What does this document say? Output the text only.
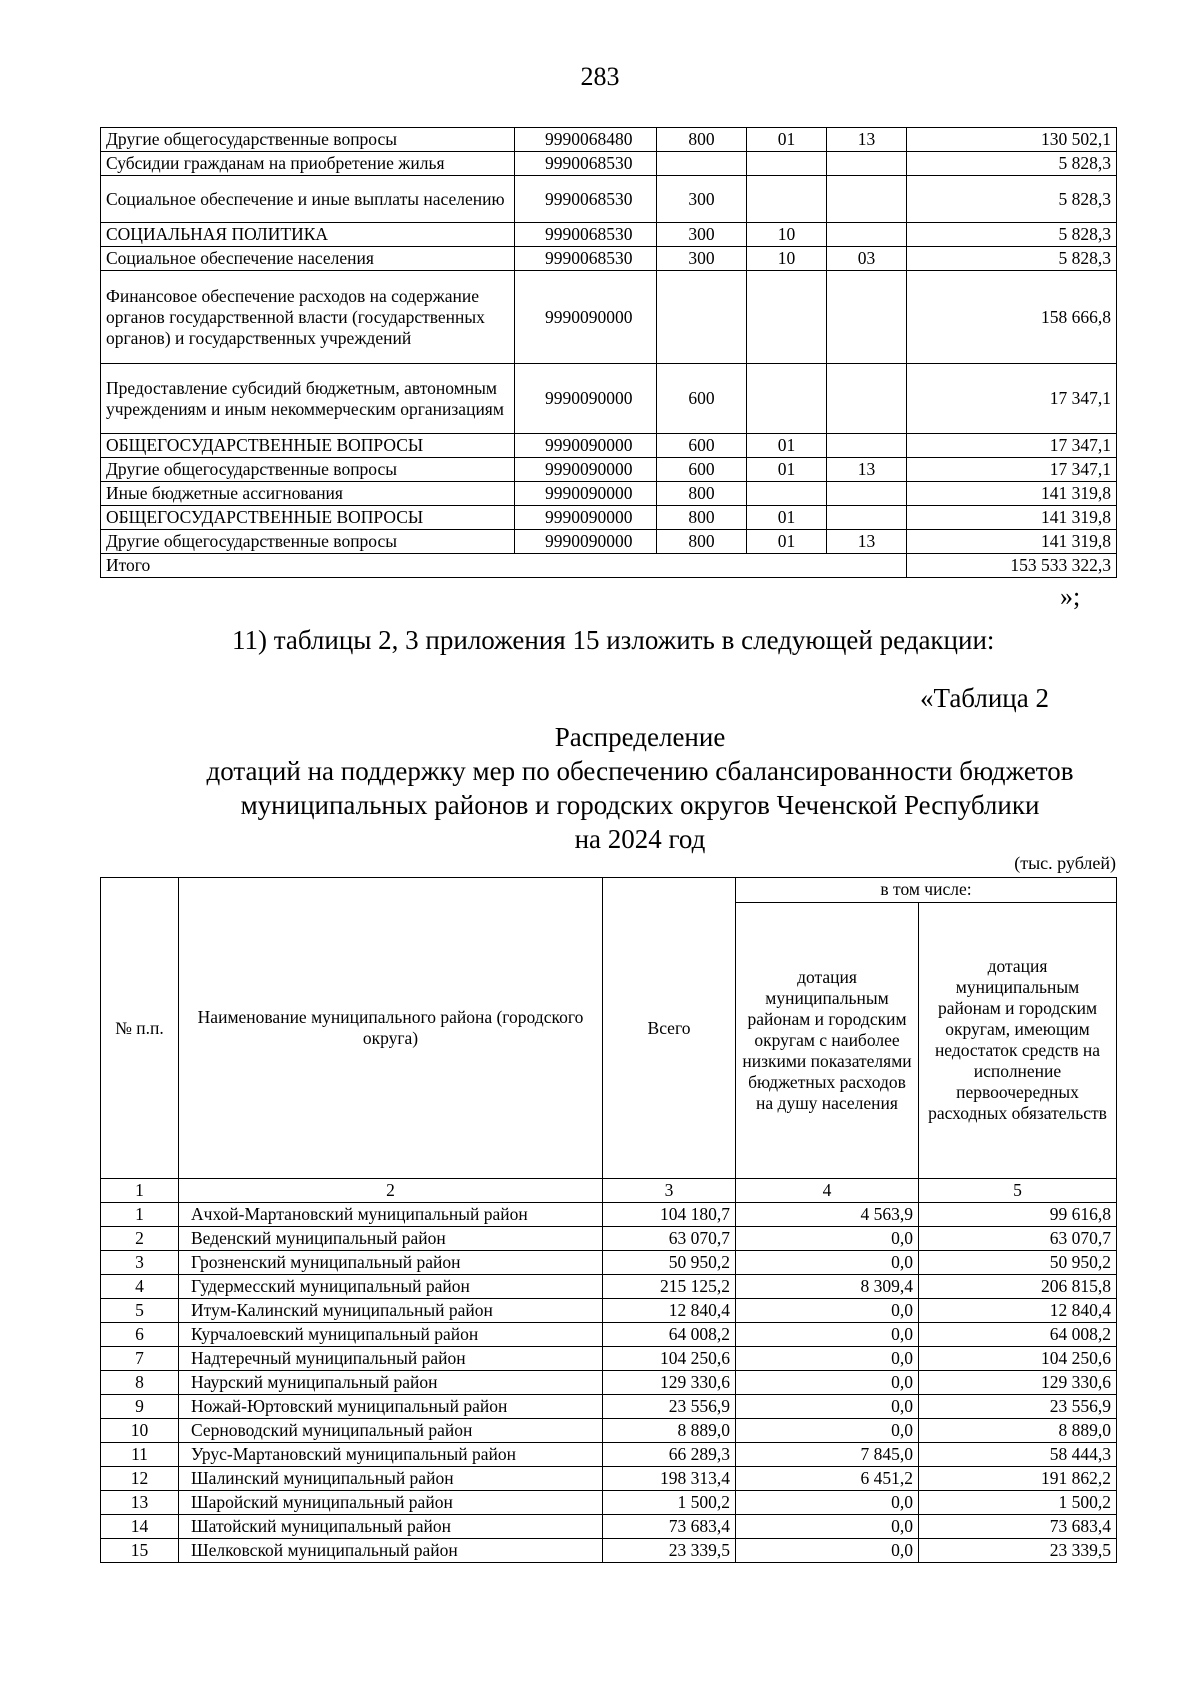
283
Другие общегосударственные вопросы	9990068480	800	01	13	130 502,1
Субсидии гражданам на приобретение жилья	9990068530				5 828,3
Социальное обеспечение и иные выплаты населению	9990068530	300			5 828,3
СОЦИАЛЬНАЯ ПОЛИТИКА	9990068530	300	10		5 828,3
Социальное обеспечение населения	9990068530	300	10	03	5 828,3
Финансовое обеспечение расходов на содержание органов государственной власти (государственных органов) и государственных учреждений	9990090000				158 666,8
Предоставление субсидий бюджетным, автономным учреждениям и иным некоммерческим организациям	9990090000	600			17 347,1
ОБЩЕГОСУДАРСТВЕННЫЕ ВОПРОСЫ	9990090000	600	01		17 347,1
Другие общегосударственные вопросы	9990090000	600	01	13	17 347,1
Иные бюджетные ассигнования	9990090000	800			141 319,8
ОБЩЕГОСУДАРСТВЕННЫЕ ВОПРОСЫ	9990090000	800	01		141 319,8
Другие общегосударственные вопросы	9990090000	800	01	13	141 319,8
Итого					153 533 322,3
»;
11) таблицы 2, 3 приложения 15 изложить в следующей редакции:
«Таблица 2
Распределение
дотаций на поддержку мер по обеспечению сбалансированности бюджетов
муниципальных районов и городских округов Чеченской Республики
на 2024 год
(тыс. рублей)
№ п.п.	Наименование муниципального района (городского округа)	Всего	в том числе:	
			дотация муниципальным районам и городским округам с наиболее низкими показателями бюджетных расходов на душу населения	дотация муниципальным районам и городским округам, имеющим недостаток средств на исполнение первоочередных расходных обязательств
1	2	3	4	5
1	Ачхой-Мартановский муниципальный район	104 180,7	4 563,9	99 616,8
2	Веденский муниципальный район	63 070,7	0,0	63 070,7
3	Грозненский муниципальный район	50 950,2	0,0	50 950,2
4	Гудермесский муниципальный район	215 125,2	8 309,4	206 815,8
5	Итум-Калинский муниципальный район	12 840,4	0,0	12 840,4
6	Курчалоевский муниципальный район	64 008,2	0,0	64 008,2
7	Надтеречный муниципальный район	104 250,6	0,0	104 250,6
8	Наурский муниципальный район	129 330,6	0,0	129 330,6
9	Ножай-Юртовский муниципальный район	23 556,9	0,0	23 556,9
10	Серноводский муниципальный район	8 889,0	0,0	8 889,0
11	Урус-Мартановский муниципальный район	66 289,3	7 845,0	58 444,3
12	Шалинский муниципальный район	198 313,4	6 451,2	191 862,2
13	Шаройский муниципальный район	1 500,2	0,0	1 500,2
14	Шатойский муниципальный район	73 683,4	0,0	73 683,4
15	Шелковской муниципальный район	23 339,5	0,0	23 339,5
